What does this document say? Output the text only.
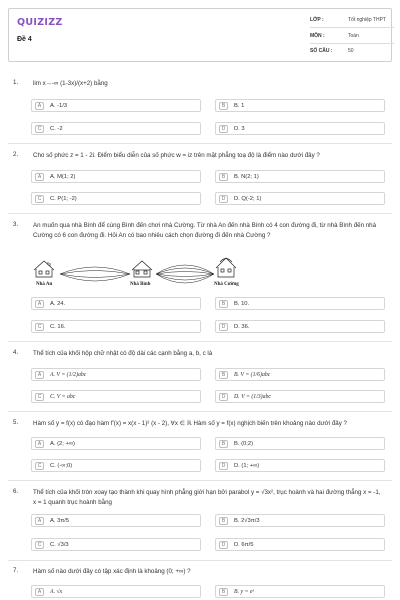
QUIZIZZ
Đề 4
LỚP :	Tốt nghiệp THPT
MÔN :	Toán
SỐ CÂU :	50
1. lim x→-∞ (1-3x)/(x+2) bằng
A	A. -1/3	B	B. 1
C	C. -2	D	D. 3
2. Cho số phức z = 1 - 2i. Điểm biểu diễn của số phức w = iz trên mặt phẳng toạ độ là điểm nào dưới đây ?
A	A. M(1; 2)	B	B. N(2; 1)
C	C. P(1; -2)	D	D. Q(-2; 1)
3. An muốn qua nhà Bình để cùng Bình đến chơi nhà Cường. Từ nhà An đến nhà Bình có 4 con đường đi, từ nhà Bình đến nhà Cường có 6 con đường đi. Hỏi An có bao nhiêu cách chọn đường đi đến nhà Cường ?
Nhà An	Nhà Bình	Nhà Cường
A	A. 24.	B	B. 10.
C	C. 16.	D	D. 36.
4. Thể tích của khối hộp chữ nhật có độ dài các cạnh bằng a, b, c là
A	A. V = (1/2)abc	B	B. V = (1/6)abc
C	C. V = abc	D	D. V = (1/3)abc
5. Hàm số y = f(x) có đạo hàm f'(x) = x(x - 1)² (x - 2), ∀x ∈ ℝ Hàm số y = f(x) nghịch biến trên khoảng nào dưới đây ?
A	A. (2; +∞)	B	B. (0;2)
C	C. (-∞;0)	D	D. (1; +∞)
6. Thể tích của khối tròn xoay tạo thành khi quay hình phẳng giới hạn bởi parabol y = √3x², trục hoành và hai đường thẳng x = -1, x = 1 quanh trục hoành bằng
A	A. 3π/5	B	B. 2√3π/3
C	C. √3/3	D	D. 6π/5
7. Hàm số nào dưới đây có tập xác định là khoảng (0; +∞) ?
A	A. √x	B	B. y = eˣ
